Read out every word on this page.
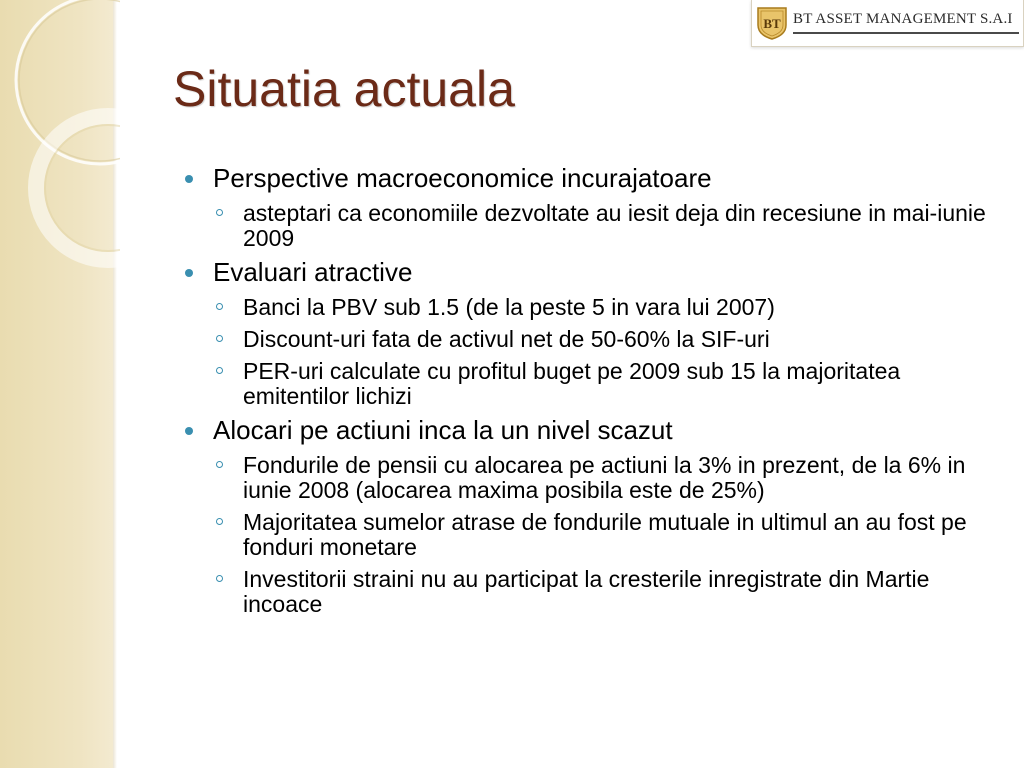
BT BT ASSET MANAGEMENT S.A.I
Situatia actuala
Perspective macroeconomice incurajatoare
asteptari ca economiile dezvoltate au iesit deja din recesiune in mai-iunie 2009
Evaluari atractive
Banci la PBV sub 1.5 (de la peste 5 in vara lui 2007)
Discount-uri fata de activul net de 50-60% la SIF-uri
PER-uri calculate cu profitul buget pe 2009 sub 15 la majoritatea emitentilor lichizi
Alocari pe actiuni inca la un nivel scazut
Fondurile de pensii cu alocarea pe actiuni la 3% in prezent, de la 6% in iunie 2008 (alocarea maxima posibila este de 25%)
Majoritatea sumelor atrase de fondurile mutuale in ultimul an au fost pe fonduri monetare
Investitorii straini nu au participat la cresterile inregistrate din Martie incoace
